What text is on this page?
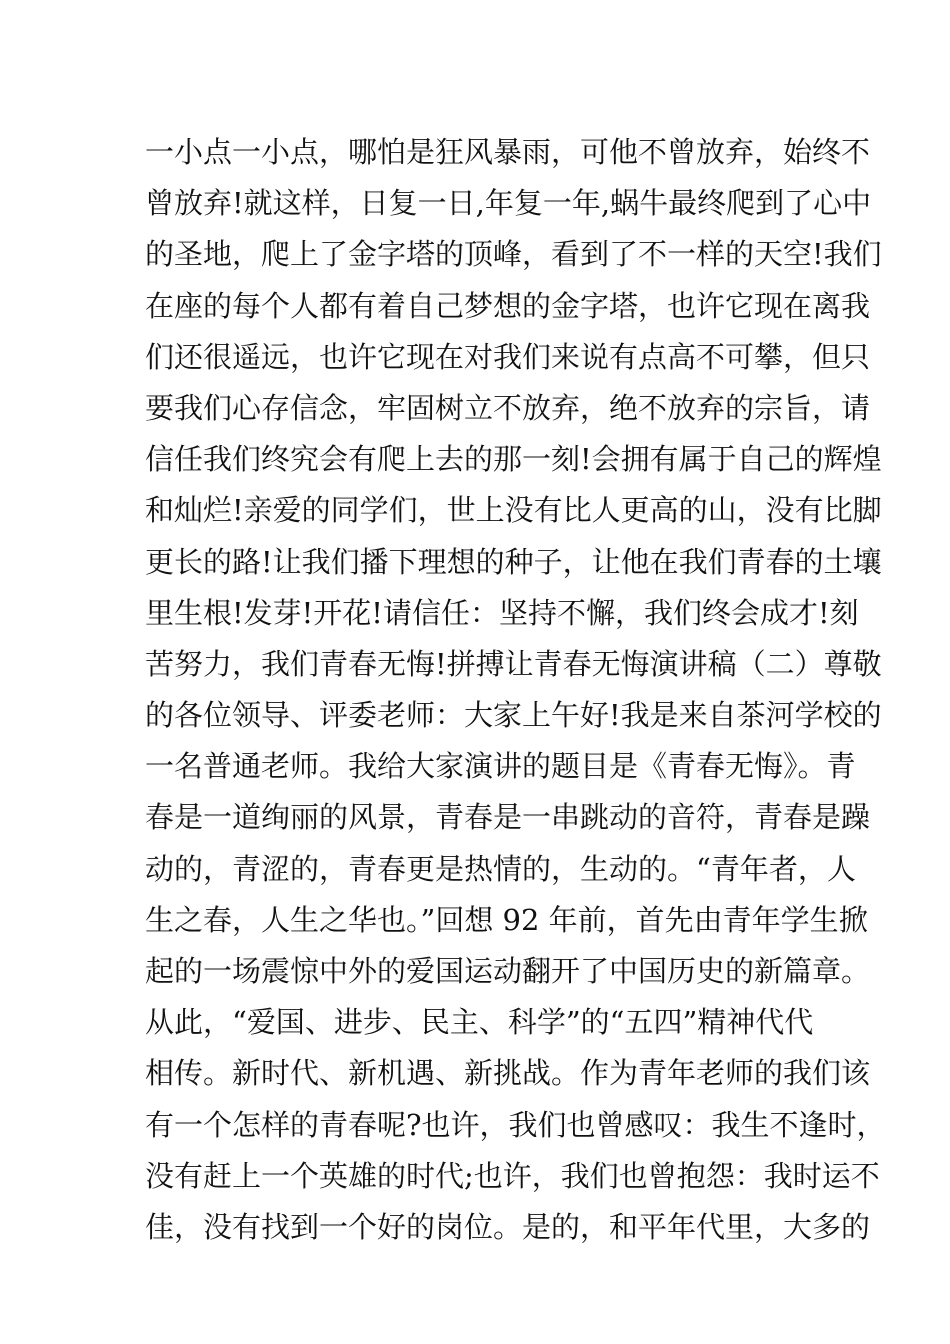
一小点一小点，哪怕是狂风暴雨，可他不曾放弃，始终不
曾放弃!就这样，日复一日,年复一年,蜗牛最终爬到了心中
的圣地，爬上了金字塔的顶峰，看到了不一样的天空!我们
在座的每个人都有着自己梦想的金字塔，也许它现在离我
们还很遥远，也许它现在对我们来说有点高不可攀，但只
要我们心存信念，牢固树立不放弃，绝不放弃的宗旨，请
信任我们终究会有爬上去的那一刻!会拥有属于自己的辉煌
和灿烂!亲爱的同学们，世上没有比人更高的山，没有比脚
更长的路!让我们播下理想的种子，让他在我们青春的土壤
里生根!发芽!开花!请信任：坚持不懈，我们终会成才!刻
苦努力，我们青春无悔!拼搏让青春无悔演讲稿（二）尊敬
的各位领导、评委老师：大家上午好!我是来自茶河学校的
一名普通老师。我给大家演讲的题目是《青春无悔》。青
春是一道绚丽的风景，青春是一串跳动的音符，青春是躁
动的，青涩的，青春更是热情的，生动的。“青年者，人
生之春，人生之华也。”回想 92 年前，首先由青年学生掀
起的一场震惊中外的爱国运动翻开了中国历史的新篇章。
从此，“爱国、进步、民主、科学”的“五四”精神代代
相传。新时代、新机遇、新挑战。作为青年老师的我们该
有一个怎样的青春呢?也许，我们也曾感叹：我生不逢时，
没有赶上一个英雄的时代;也许，我们也曾抱怨：我时运不
佳，没有找到一个好的岗位。是的，和平年代里，大多的
